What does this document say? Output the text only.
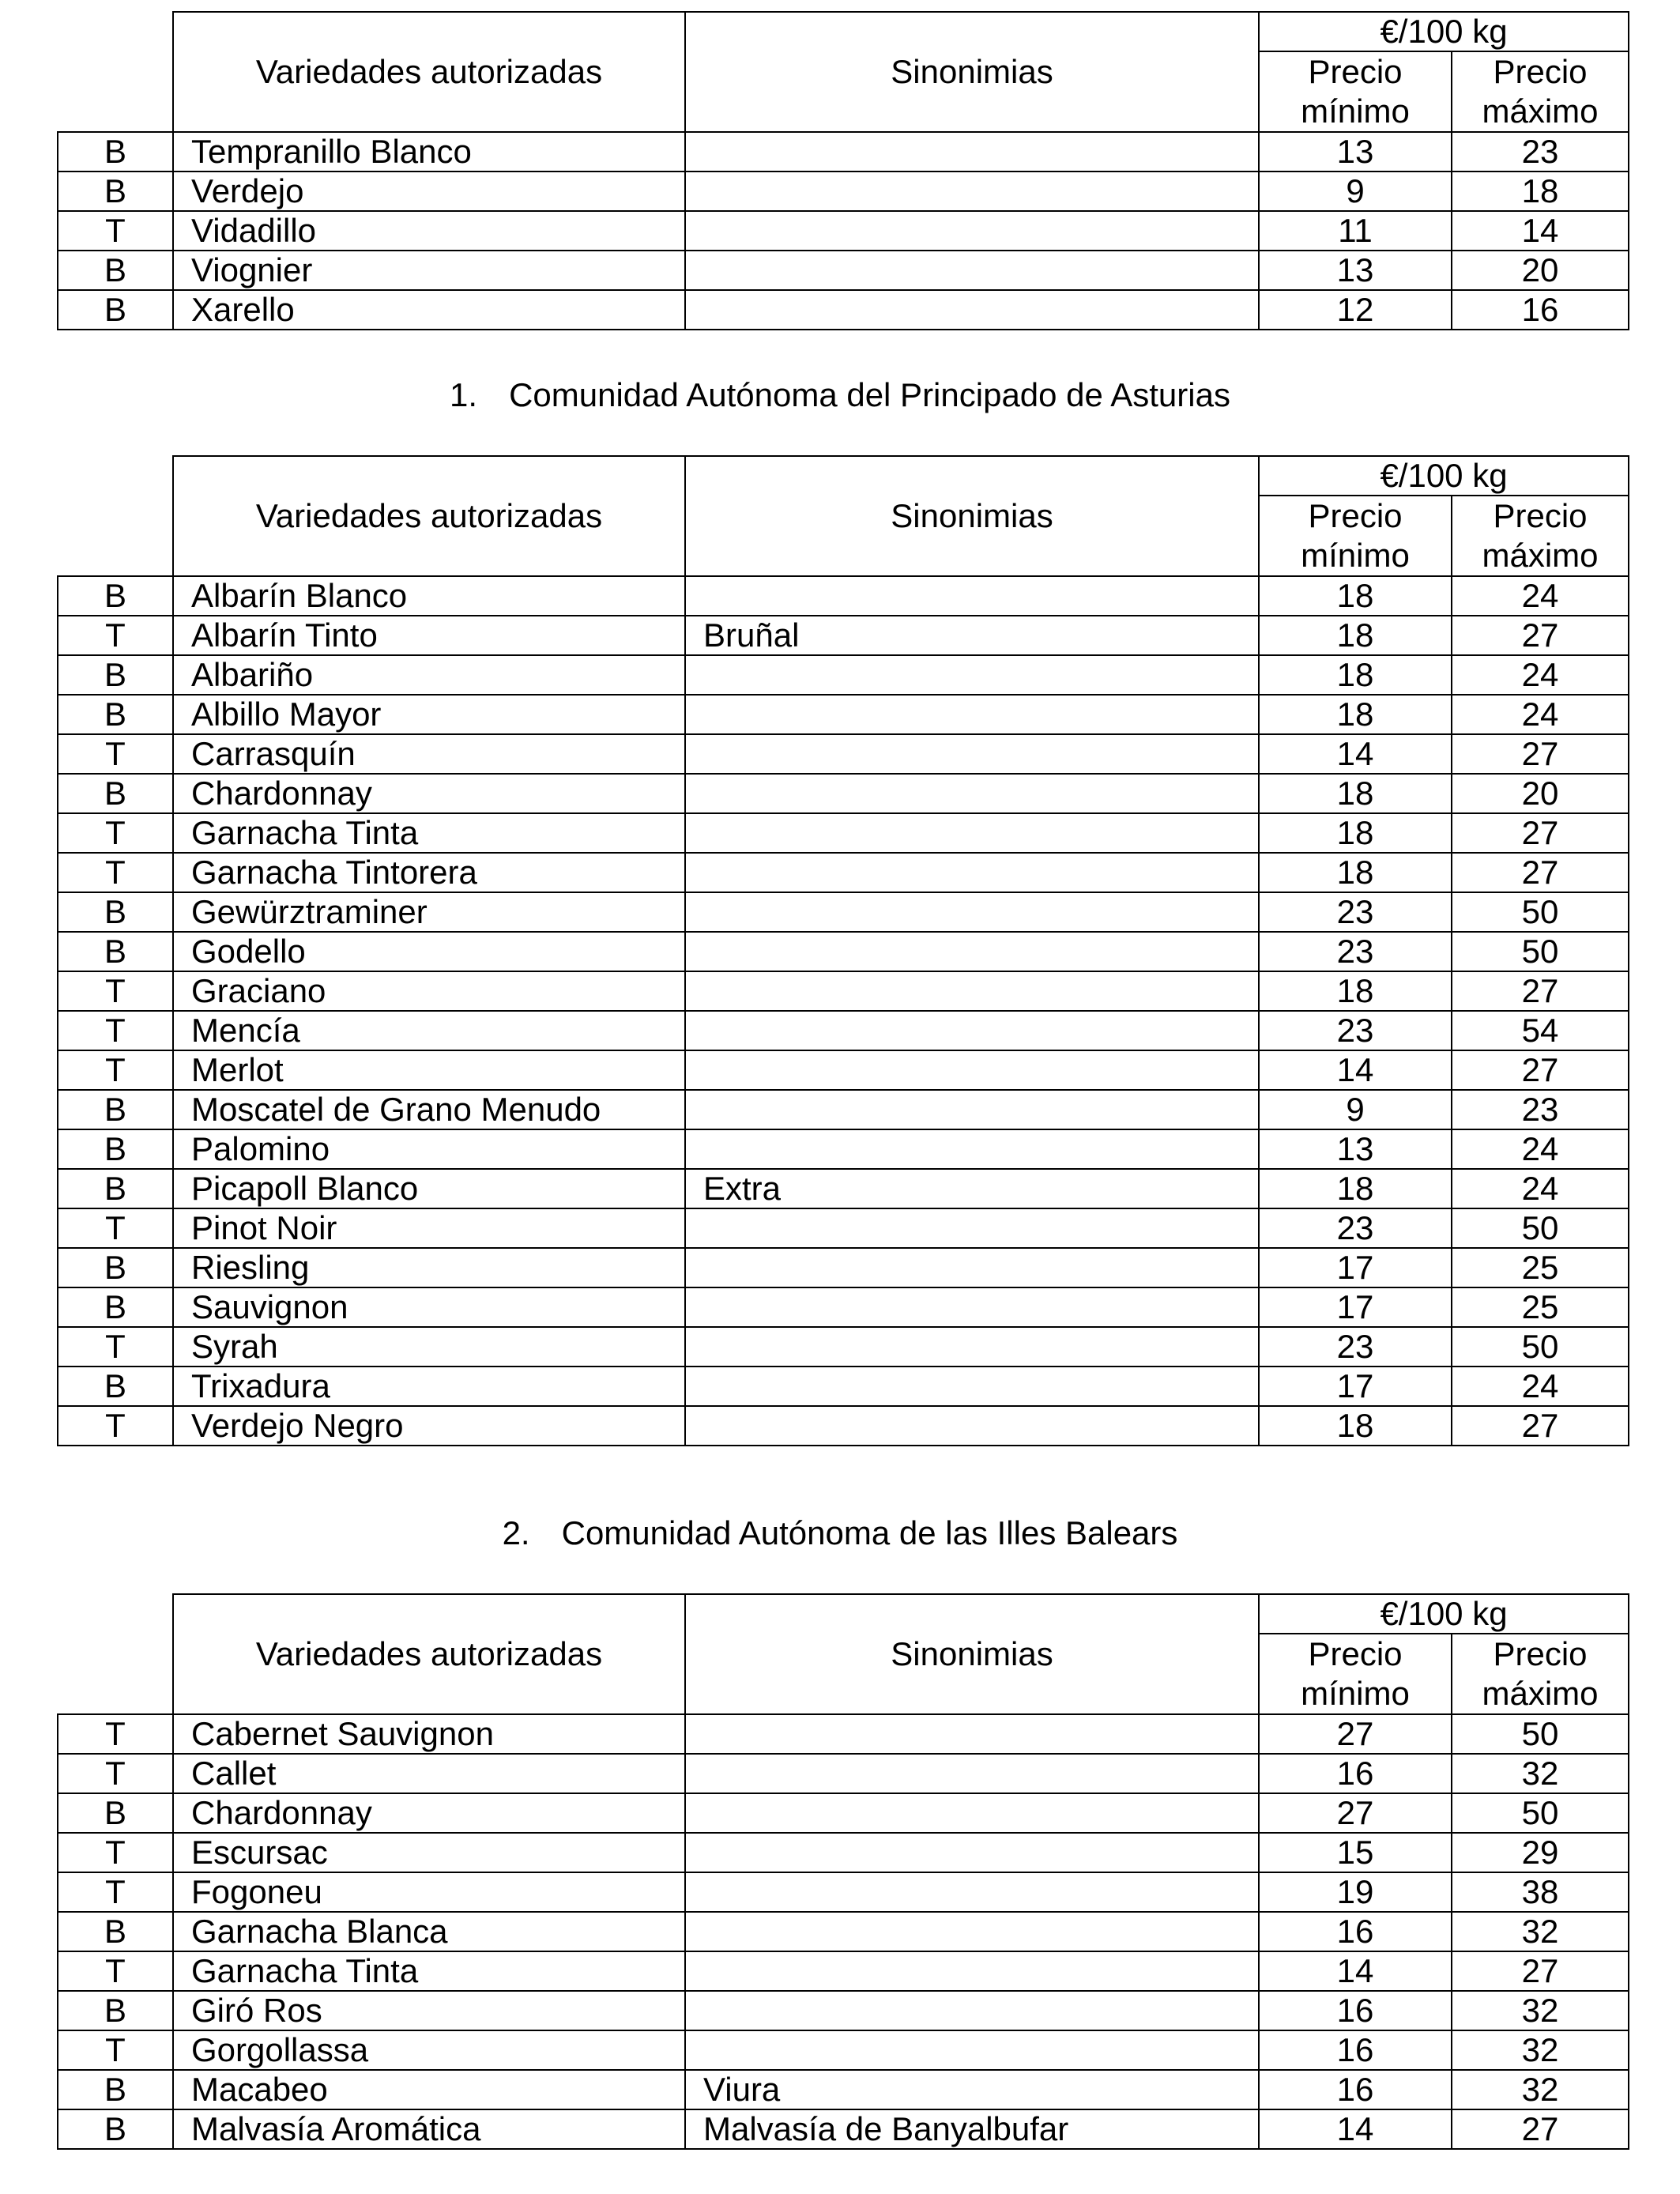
	Variedades autorizadas	Sinonimias	€/100 kg	
			Precio mínimo	Precio máximo
B	Tempranillo Blanco		13	23
B	Verdejo		9	18
T	Vidadillo		11	14
B	Viognier		13	20
B	Xarello		12	16
1. Comunidad Autónoma del Principado de Asturias
	Variedades autorizadas	Sinonimias	€/100 kg	
			Precio mínimo	Precio máximo
B	Albarín Blanco		18	24
T	Albarín Tinto	Bruñal	18	27
B	Albariño		18	24
B	Albillo Mayor		18	24
T	Carrasquín		14	27
B	Chardonnay		18	20
T	Garnacha Tinta		18	27
T	Garnacha Tintorera		18	27
B	Gewürztraminer		23	50
B	Godello		23	50
T	Graciano		18	27
T	Mencía		23	54
T	Merlot		14	27
B	Moscatel de Grano Menudo		9	23
B	Palomino		13	24
B	Picapoll Blanco	Extra	18	24
T	Pinot Noir		23	50
B	Riesling		17	25
B	Sauvignon		17	25
T	Syrah		23	50
B	Trixadura		17	24
T	Verdejo Negro		18	27
2. Comunidad Autónoma de las Illes Balears
	Variedades autorizadas	Sinonimias	€/100 kg	
			Precio mínimo	Precio máximo
T	Cabernet Sauvignon		27	50
T	Callet		16	32
B	Chardonnay		27	50
T	Escursac		15	29
T	Fogoneu		19	38
B	Garnacha Blanca		16	32
T	Garnacha Tinta		14	27
B	Giró Ros		16	32
T	Gorgollassa		16	32
B	Macabeo	Viura	16	32
B	Malvasía Aromática	Malvasía de Banyalbufar	14	27
